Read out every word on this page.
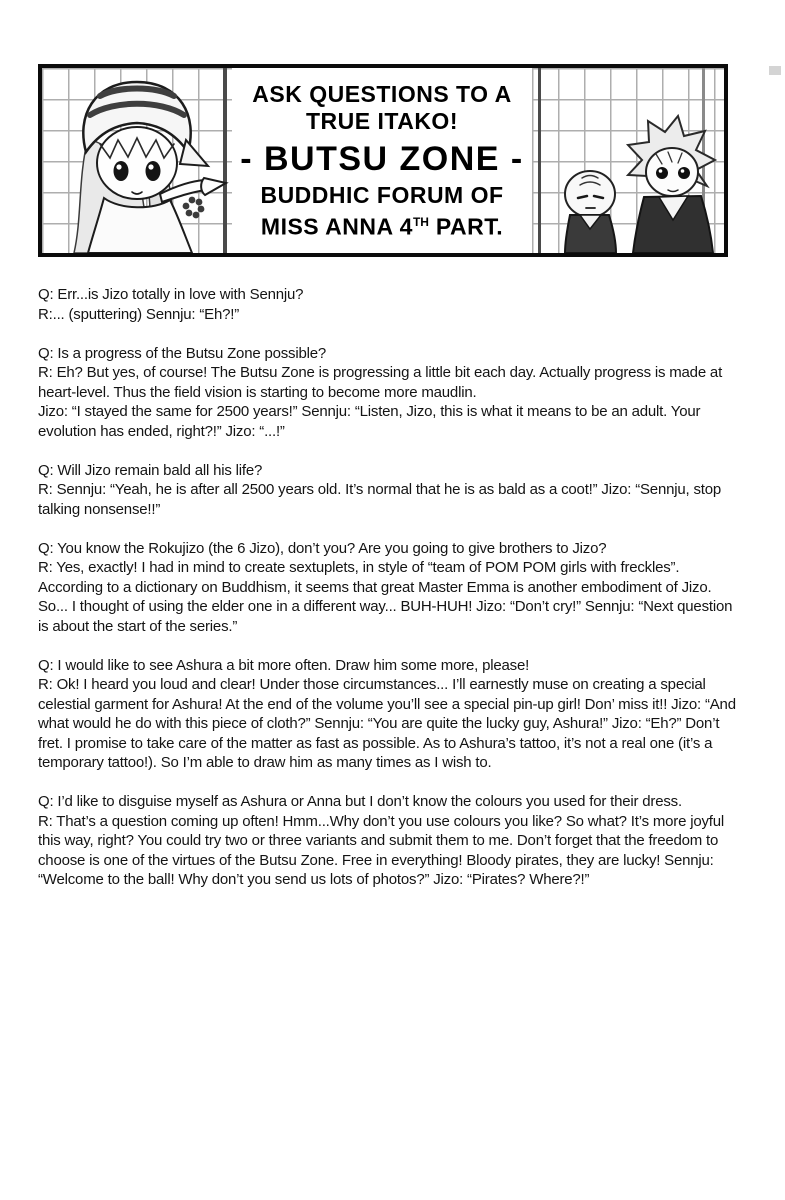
ASK QUESTIONS TO A
TRUE ITAKO!
- BUTSU ZONE -
BUDDHIC FORUM OF
MISS ANNA 4TH PART.

Q: Err...is Jizo totally in love with Sennju?

R:... (sputtering) Sennju: “Eh?!”

Q: Is a progress of the Butsu Zone possible?

R: Eh? But yes, of course! The Butsu Zone is progressing a little bit each day. Actually progress is made at heart-level. Thus the field vision is starting to become more maudlin.

Jizo: “I stayed the same for 2500 years!” Sennju: “Listen, Jizo, this is what it means to be an adult. Your evolution has ended, right?!” Jizo: “...!”

Q: Will Jizo remain bald all his life?

R: Sennju: “Yeah, he is after all 2500 years old. It’s normal that he is as bald as a coot!” Jizo: “Sennju, stop talking nonsense!!”

Q: You know the Rokujizo (the 6 Jizo), don’t you? Are you going to give brothers to Jizo?

R: Yes, exactly! I had in mind to create sextuplets, in style of “team of POM POM girls with freckles”. According to a dictionary on Buddhism, it seems that great Master Emma is another embodiment of Jizo. So... I thought of using the elder one in a different way... BUH-HUH! Jizo: “Don’t cry!” Sennju: “Next question is about the start of the series.”

Q: I would like to see Ashura a bit more often. Draw him some more, please!

R: Ok! I heard you loud and clear! Under those circumstances... I’ll earnestly muse on creating a special celestial garment for Ashura! At the end of the volume you’ll see a special pin-up girl! Don’ miss it!! Jizo: “And what would he do with this piece of cloth?” Sennju: “You are quite the lucky guy, Ashura!” Jizo: “Eh?” Don’t fret. I promise to take care of the matter as fast as possible. As to Ashura’s tattoo, it’s not a real one (it’s a temporary tattoo!). So I’m able to draw him as many times as I wish to.

Q: I’d like to disguise myself as Ashura or Anna but I don’t know the colours you used for their dress.

R: That’s a question coming up often! Hmm...Why don’t you use colours you like? So what? It’s more joyful this way, right? You could try two or three variants and submit them to me. Don’t forget that the freedom to choose is one of the virtues of the Butsu Zone. Free in everything! Bloody pirates, they are lucky! Sennju: “Welcome to the ball! Why don’t you send us lots of photos?” Jizo: “Pirates? Where?!”
